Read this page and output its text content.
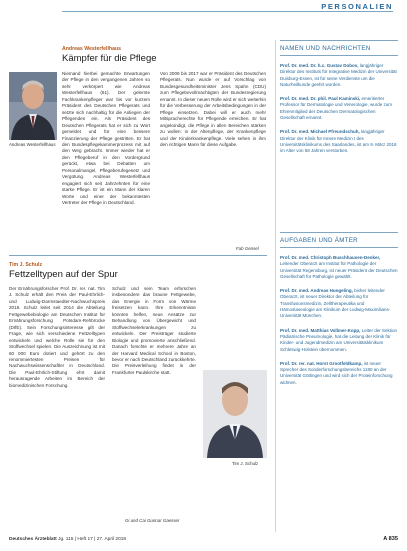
PERSONALIEN
Andreas Westerfellhaus
Kämpfer für die Pflege
Andreas Westerfellhaus

Niemand hierbei gemachte Erwartungen der Pflege in den vergangenen Jahren so sehr verkörpert wie Andreas Westerfellhaus (61). Der gelernte Fachkrankenpfleger war bis vor kurzem Präsident des Deutschen Pflegerats und setzte sich nachhaltig für die Anliegen der Pflegenden ein. Als Präsident des Deutschen Pflegerats hat er sich zu Wort gemeldet und für eine bessere Finanzierung der Pflege gestritten. Er hat den Bundespflegekammerprozess mit auf den Weg gebracht. Immer wieder hat er den Pflegeberuf in den Vordergrund gerückt, etwa bei Debatten um Personalmangel, Pflegeberufegesetz und Vergütung. Andreas Westerfellhaus engagiert sich seit Jahrzehnten für eine starke Pflege. Er ist ein Mann der klaren Worte und einer der bekanntesten Vertreter der Pflege in Deutschland.

Von 2009 bis 2017 war er Präsident des Deutschen Pflegerats. Nun wurde er auf Vorschlag von Bundesgesundheitsminister Jens Spahn (CDU) zum Pflegebevollmächtigten der Bundesregierung ernannt. In dieser neuen Rolle wird er sich weiterhin für die Verbesserung der Arbeitsbedingungen in der Pflege einsetzen. Dabei will er auch mehr Mitspracherechte für Pflegende erreichen. Er hat angekündigt, die Pflege in allen Bereichen stärken zu wollen: in der Altenpflege, der Krankenpflege und der Kinderkrankenpflege. Viele sehen in ihm den richtigen Mann für diese Aufgabe.

Fab Gensel
Tim J. Schulz
Fettzelltypen auf der Spur

Der Ernährungsforscher Prof. Dr. rer. nat. Tim J. Schulz erhält den Preis der Paul-Ehrlich- und Ludwig-Darmstaedter-Nachwuchspreis 2018. Schulz leitet seit 2014 die Abteilung Fettgewebebiologie am Deutschen Institut für Ernährungsforschung Potsdam-Rehbrücke (DIfE). Sein Forschungsinteresse gilt der Frage, wie sich verschiedene Fettzelltypen entwickeln und welche Rolle sie für den Stoffwechsel spielen. Die Auszeichnung ist mit 60 000 Euro dotiert und gehört zu den renommiertesten Preisen für Nachwuchswissenschaftler in Deutschland. Die Paul-Ehrlich-Stiftung ehrt damit herausragende Arbeiten im Bereich der biomedizinischen Forschung.

Schulz und sein Team erforschen insbesondere das braune Fettgewebe, das Energie in Form von Wärme freisetzen kann. Ihre Erkenntnisse könnten helfen, neue Ansätze zur Behandlung von Übergewicht und Stoffwechselerkrankungen zu entwickeln. Der Preisträger studierte Biologie und promovierte anschließend. Danach forschte er mehrere Jahre an der Harvard Medical School in Boston, bevor er nach Deutschland zurückkehrte. Die Preisverleihung findet in der Frankfurter Paulskirche statt.

Gi und Cai Gunnar Gaesser
Tim J. Schulz
NAMEN UND NACHRICHTEN
Prof. Dr. med. Dr. h.c. Gustav Dobos, langjähriger Direktor des Instituts für Integrative Medizin der Universität Duisburg-Essen, ist für seine Verdienste um die Naturheilkunde geehrt worden.
Prof. Dr. med. Dr. phil. Paul Kaminski, emeritierter Professor für Dermatologie und Venerologie, wurde zum Ehrenmitglied der Deutschen Dermatologischen Gesellschaft ernannt.
Prof. Dr. med. Michael Pfreundschuh, langjähriger Direktor der Klinik für Innere Medizin I des Universitätsklinikums des Saarlandes, ist am 9. März 2018 im Alter von 68 Jahren verstorben.
AUFGABEN UND ÄMTER
Prof. Dr. med. Christoph Buschhausen-Denker, Leitender Oberarzt am Institut für Pathologie der Universität Regensburg, ist neuer Präsident der Deutschen Gesellschaft für Pathologie gewählt.
Prof. Dr. med. Andreas Hungeling, bisher leitender Oberarzt, ist neuer Direktor der Abteilung für Transfusionsmedizin, Zelltherapeutika und Hämostaseologie am Klinikum der Ludwig-Maximilians-Universität München.
Prof. Dr. med. Matthias Vollmer-Kopp, Leiter der Sektion Pädiatrische Pneumologie, hat die Leitung der Klinik für Kinder- und Jugendmedizin am Universitätsklinikum Schleswig-Holstein übernommen.
Prof. Dr. rer. nat. Horst Grootfeldkamp, ist neuer Sprecher des Sonderforschungsbereichs 1180 an der Universität Göttingen und wird sich der Proteinforschung widmen.
Deutsches Ärzteblatt Jg. 115 | Heft 17 | 27. April 2018	A 835
